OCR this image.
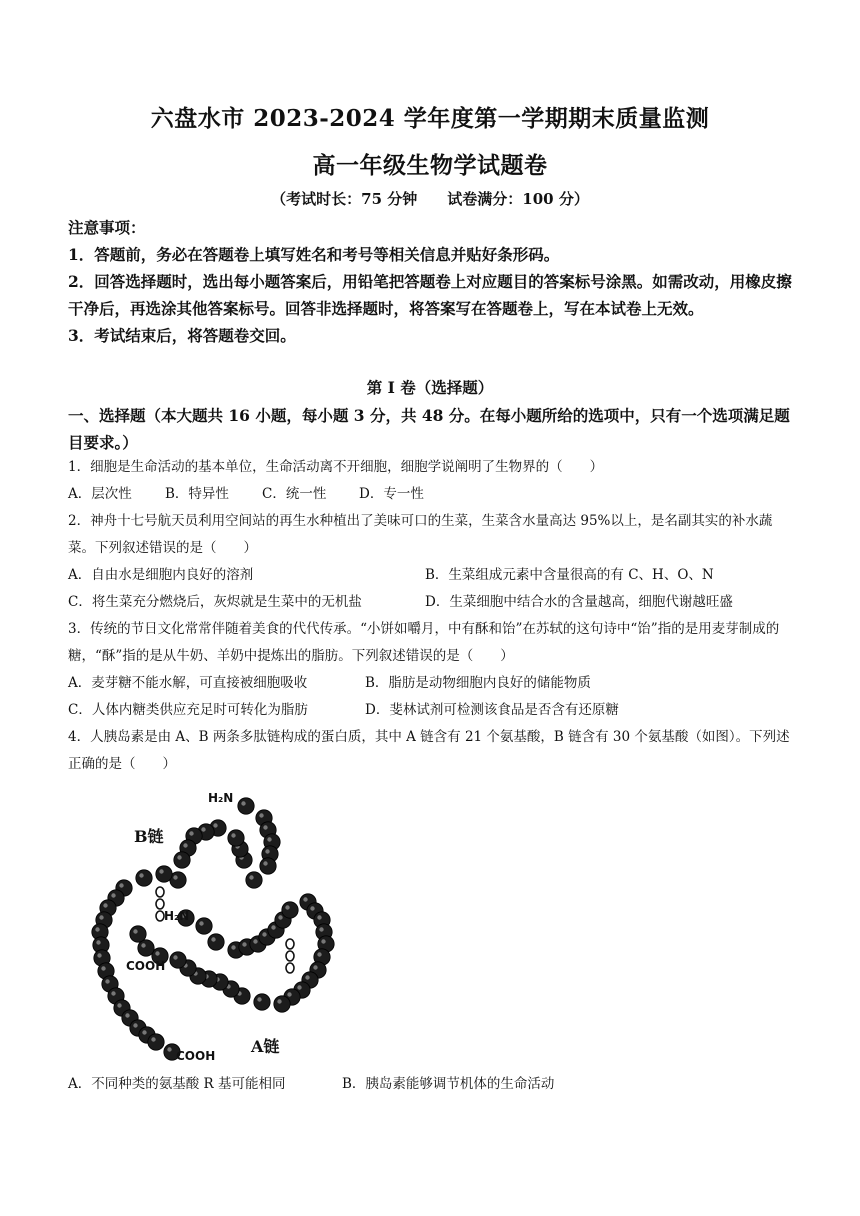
六盘水市 2023-2024 学年度第一学期期末质量监测
高一年级生物学试题卷
（考试时长：75 分钟 试卷满分：100 分）
注意事项：
1．答题前，务必在答题卷上填写姓名和考号等相关信息并贴好条形码。
2．回答选择题时，选出每小题答案后，用铅笔把答题卷上对应题目的答案标号涂黑。如需改动，用橡皮擦干净后，再选涂其他答案标号。回答非选择题时，将答案写在答题卷上，写在本试卷上无效。
3．考试结束后，将答题卷交回。
第 I 卷（选择题）
一、选择题（本大题共 16 小题，每小题 3 分，共 48 分。在每小题所给的选项中，只有一个选项满足题目要求。）
1．细胞是生命活动的基本单位，生命活动离不开细胞，细胞学说阐明了生物界的（　　）
A．层次性 B．特异性 C．统一性 D．专一性
2．神舟十七号航天员利用空间站的再生水种植出了美味可口的生菜，生菜含水量高达 95%以上，是名副其实的补水蔬菜。下列叙述错误的是（　　）
A．自由水是细胞内良好的溶剂	B．生菜组成元素中含量很高的有 C、H、O、N
C．将生菜充分燃烧后，灰烬就是生菜中的无机盐	D．生菜细胞中结合水的含量越高，细胞代谢越旺盛
3．传统的节日文化常常伴随着美食的代代传承。“小饼如嚼月，中有酥和饴”在苏轼的这句诗中“饴”指的是用麦芽制成的糖，“酥”指的是从牛奶、羊奶中提炼出的脂肪。下列叙述错误的是（　　）
A．麦芽糖不能水解，可直接被细胞吸收	B．脂肪是动物细胞内良好的储能物质
C．人体内糖类供应充足时可转化为脂肪	D．斐林试剂可检测该食品是否含有还原糖
4．人胰岛素是由 A、B 两条多肽链构成的蛋白质，其中 A 链含有 21 个氨基酸，B 链含有 30 个氨基酸（如图）。下列述正确的是（　　）
B链
A链
H₂N
H₂N
COOH
COOH
A．不同种类的氨基酸 R 基可能相同	B．胰岛素能够调节机体的生命活动
